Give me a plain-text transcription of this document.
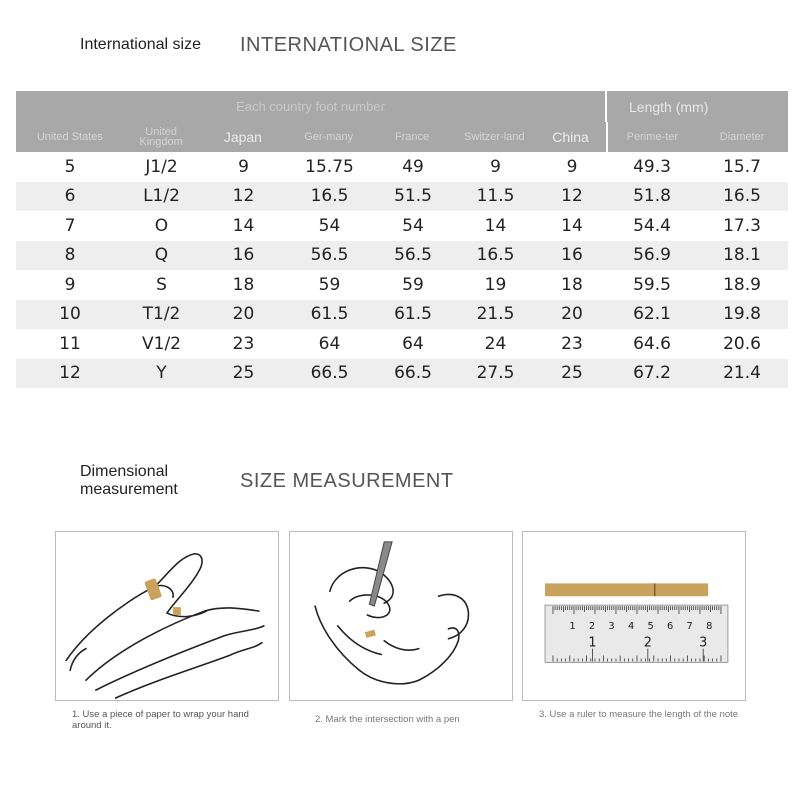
International size	INTERNATIONAL SIZE
Each country foot number	Length (mm)
United States	United Kingdom	Japan	Ger-many	France	Switzer-land	China	Perime-ter	Diameter
5	J1/2	9	15.75	49	9	9	49.3	15.7
6	L1/2	12	16.5	51.5	11.5	12	51.8	16.5
7	O	14	54	54	14	14	54.4	17.3
8	Q	16	56.5	56.5	16.5	16	56.9	18.1
9	S	18	59	59	19	18	59.5	18.9
10	T1/2	20	61.5	61.5	21.5	20	62.1	19.8
11	V1/2	23	64	64	24	23	64.6	20.6
12	Y	25	66.5	66.5	27.5	25	67.2	21.4
Dimensional measurement	SIZE MEASUREMENT
1 2 3 4 5 6 7 8
1	2	3
1. Use a piece of paper to wrap your hand around it.
2. Mark the intersection with a pen	3. Use a ruler to measure the length of the note
